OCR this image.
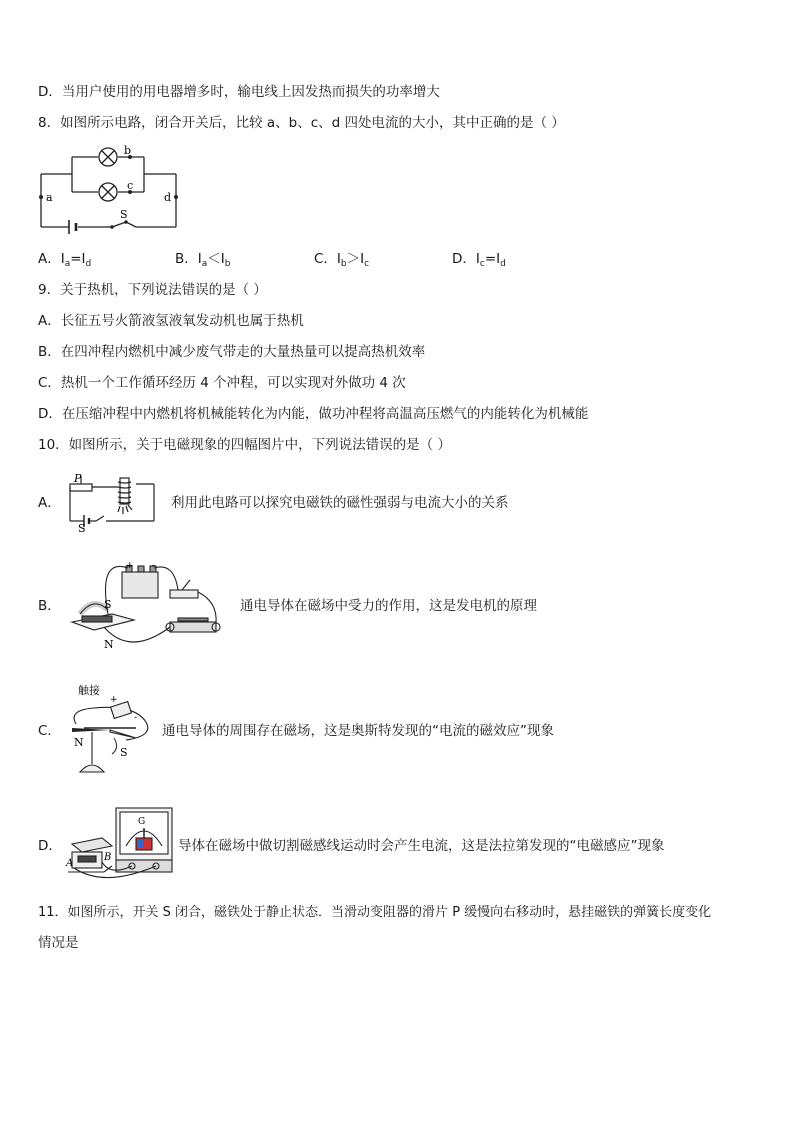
D．当用户使用的用电器增多时，输电线上因发热而损失的功率增大
8．如图所示电路，闭合开关后，比较 a、b、c、d 四处电流的大小，其中正确的是（ ）
a
b
c
d
S
A．$I_a=I_d$	B．$I_a<I_b$	C．$I_b>I_c$	D．$I_c=I_d$
9．关于热机，下列说法错误的是（ ）
A．长征五号火箭液氢液氧发动机也属于热机
B．在四冲程内燃机中减少废气带走的大量热量可以提高热机效率
C．热机一个工作循环经历 4 个冲程，可以实现对外做功 4 次
D．在压缩冲程中内燃机将机械能转化为内能，做功冲程将高温高压燃气的内能转化为机械能
10．如图所示，关于电磁现象的四幅图片中，下列说法错误的是（ ）
A．
P
S
利用此电路可以探究电磁铁的磁性强弱与电流大小的关系
B．
+ -
S
N
通电导体在磁场中受力的作用，这是发电机的原理
C．
触接
+
-
N
S
通电导体的周围存在磁场，这是奥斯特发现的“电流的磁效应”现象
D．
G
A
B
导体在磁场中做切割磁感线运动时会产生电流，这是法拉第发现的“电磁感应”现象
11．如图所示，开关 S 闭合，磁铁处于静止状态．当滑动变阻器的滑片 P 缓慢向右移动时，悬挂磁铁的弹簧长度变化
情况是
